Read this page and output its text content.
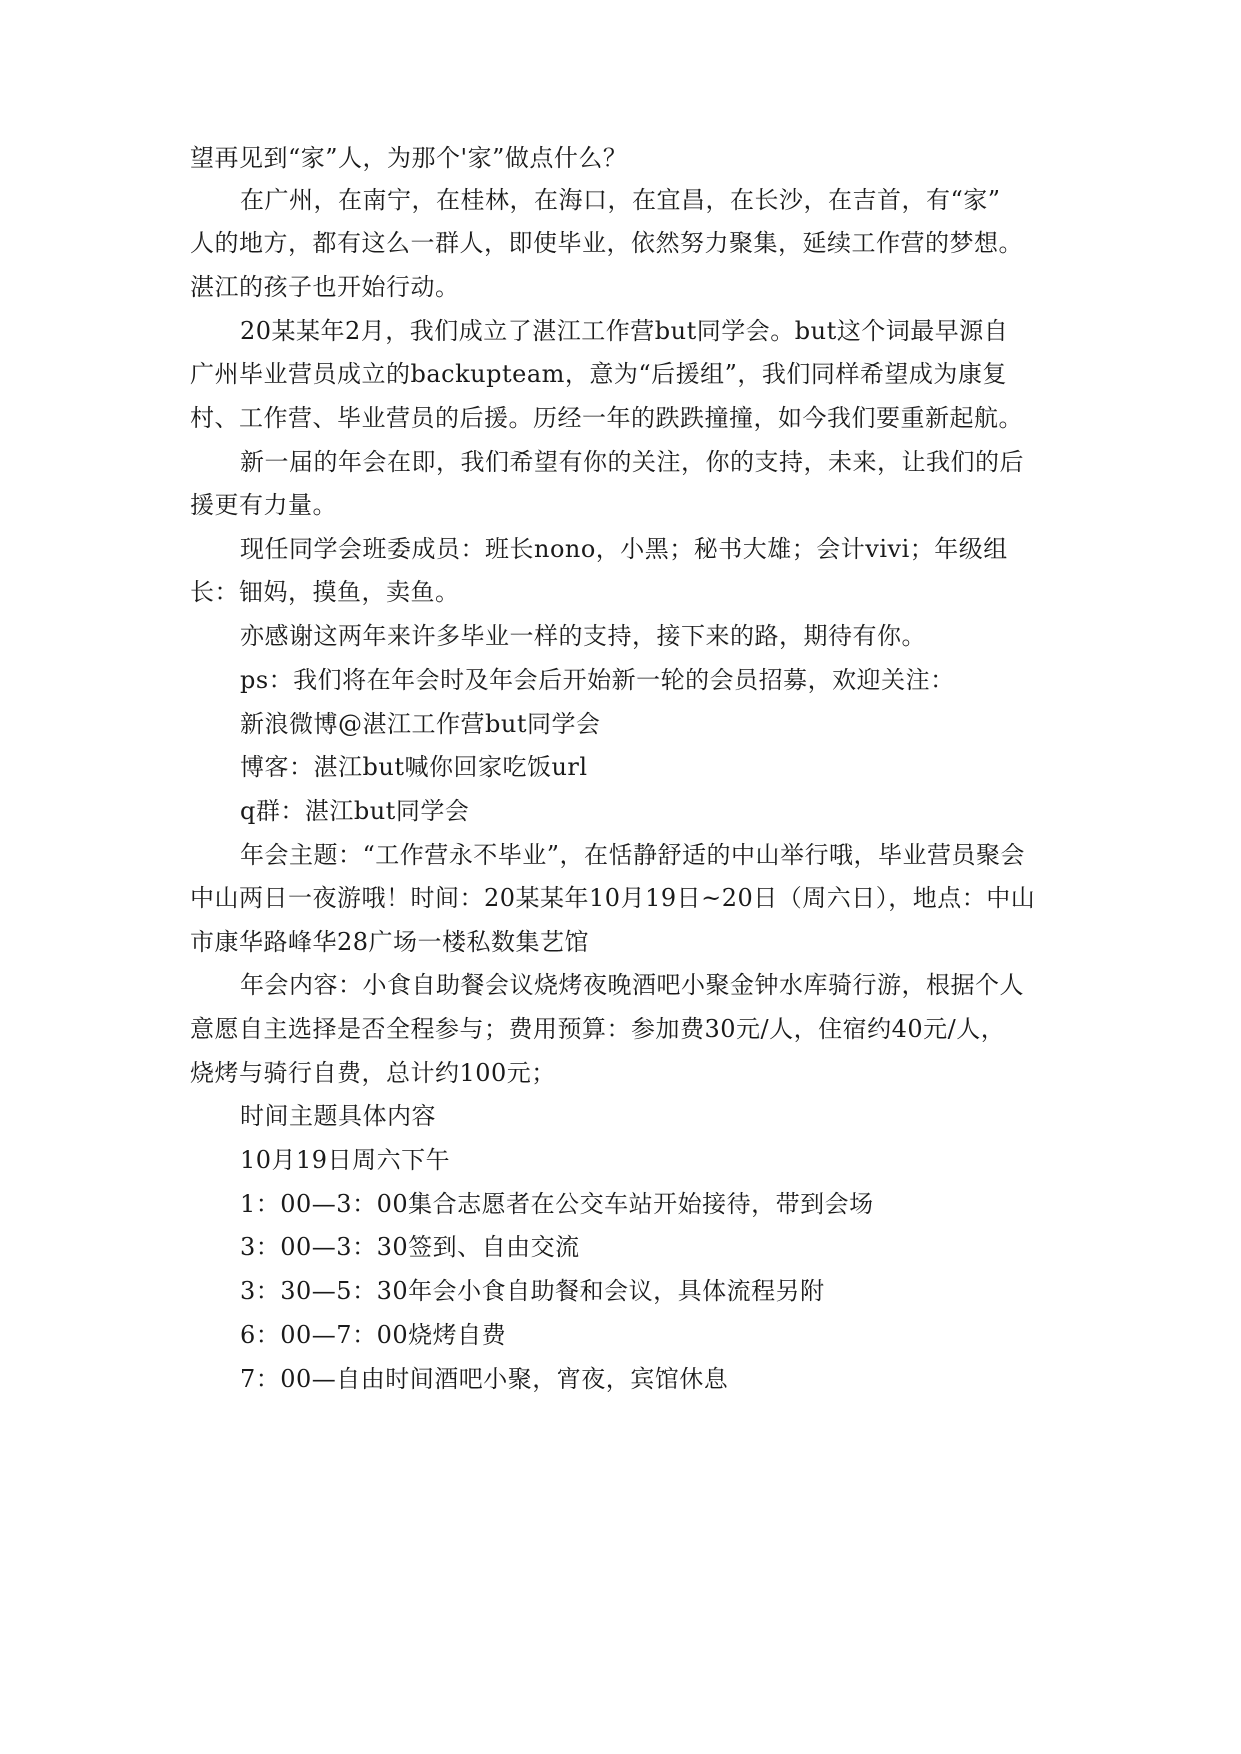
望再见到“家”人，为那个'家”做点什么？

在广州，在南宁，在桂林，在海口，在宜昌，在长沙，在吉首，有“家”

人的地方，都有这么一群人，即使毕业，依然努力聚集，延续工作营的梦想。

湛江的孩子也开始行动。

20某某年2月，我们成立了湛江工作营but同学会。but这个词最早源自

广州毕业营员成立的backupteam，意为“后援组”，我们同样希望成为康复

村、工作营、毕业营员的后援。历经一年的跌跌撞撞，如今我们要重新起航。

新一届的年会在即，我们希望有你的关注，你的支持，未来，让我们的后

援更有力量。

现任同学会班委成员：班长nono，小黑；秘书大雄；会计vivi；年级组

长：钿妈，摸鱼，卖鱼。

亦感谢这两年来许多毕业一样的支持，接下来的路，期待有你。

ps：我们将在年会时及年会后开始新一轮的会员招募，欢迎关注：

新浪微博@湛江工作营but同学会

博客：湛江but喊你回家吃饭url

q群：湛江but同学会

年会主题：“工作营永不毕业”，在恬静舒适的中山举行哦，毕业营员聚会

中山两日一夜游哦！时间：20某某年10月19日~20日（周六日），地点：中山

市康华路峰华28广场一楼私数集艺馆

年会内容：小食自助餐会议烧烤夜晚酒吧小聚金钟水库骑行游，根据个人

意愿自主选择是否全程参与；费用预算：参加费30元/人，住宿约40元/人，

烧烤与骑行自费，总计约100元；

时间主题具体内容

10月19日周六下午

1：00—3：00集合志愿者在公交车站开始接待，带到会场

3：00—3：30签到、自由交流

3：30—5：30年会小食自助餐和会议，具体流程另附

6：00—7：00烧烤自费

7：00—自由时间酒吧小聚，宵夜，宾馆休息
